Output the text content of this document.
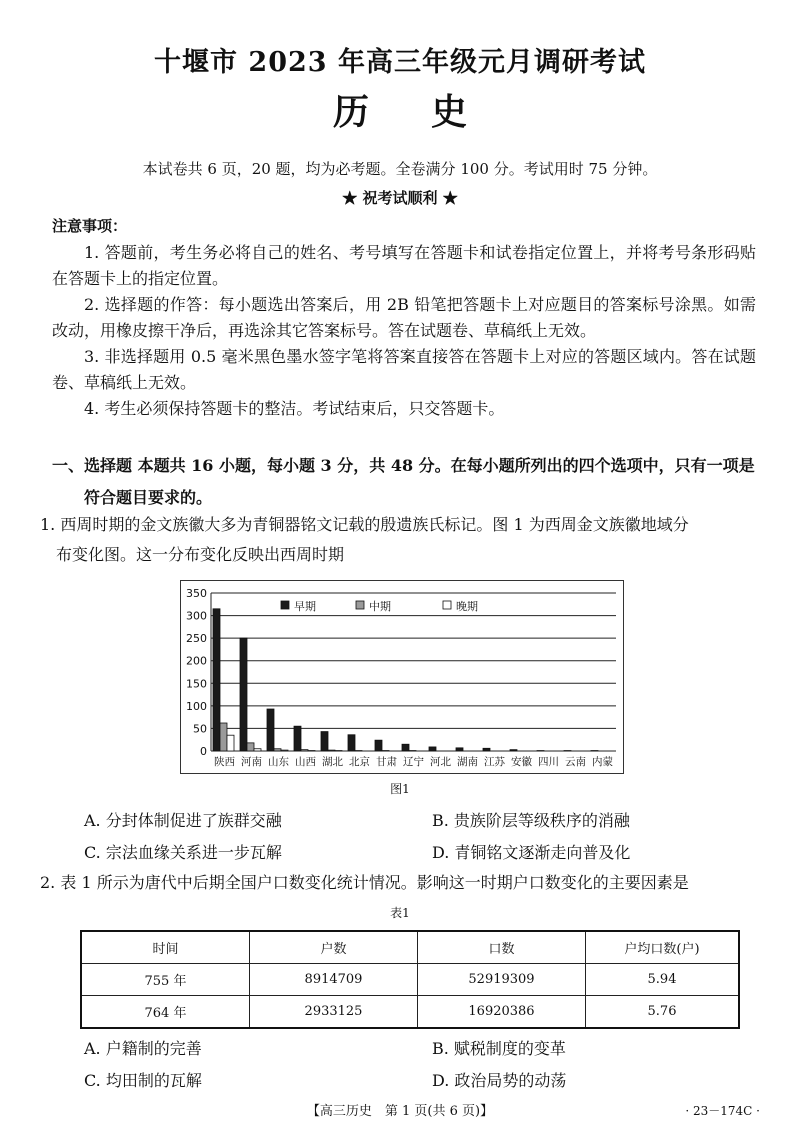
十堰市 2023 年高三年级元月调研考试
历史
本试卷共 6 页，20 题，均为必考题。全卷满分 100 分。考试用时 75 分钟。
★ 祝考试顺利 ★
注意事项：

1. 答题前，考生务必将自己的姓名、考号填写在答题卡和试卷指定位置上，并将考号条形码贴在答题卡上的指定位置。

2. 选择题的作答：每小题选出答案后，用 2B 铅笔把答题卡上对应题目的答案标号涂黑。如需改动，用橡皮擦干净后，再选涂其它答案标号。答在试题卷、草稿纸上无效。

3. 非选择题用 0.5 毫米黑色墨水签字笔将答案直接答在答题卡上对应的答题区域内。答在试题卷、草稿纸上无效。

4. 考生必须保持答题卡的整洁。考试结束后，只交答题卡。

一、选择题 本题共 16 小题，每小题 3 分，共 48 分。在每小题所列出的四个选项中，只有一项是
符合题目要求的。
1. 西周时期的金文族徽大多为青铜器铭文记载的殷遗族氏标记。图 1 为西周金文族徽地域分
布变化图。这一分布变化反映出西周时期
0
50
100
150
200
250
300
350
陕西 河南 山东 山西 湖北 北京 甘肃 辽宁 河北 湖南 江苏 安徽 四川 云南 内蒙
早期	中期	晚期
图1
A. 分封体制促进了族群交融	B. 贵族阶层等级秩序的消融
C. 宗法血缘关系进一步瓦解	D. 青铜铭文逐渐走向普及化
2. 表 1 所示为唐代中后期全国户口数变化统计情况。影响这一时期户口数变化的主要因素是
表1
时间	户数	口数	户均口数(户)
755 年	8914709	52919309	5.94
764 年	2933125	16920386	5.76
A. 户籍制的完善	B. 赋税制度的变革
C. 均田制的瓦解	D. 政治局势的动荡
【高三历史　第 1 页(共 6 页)】	· 23－174C ·
